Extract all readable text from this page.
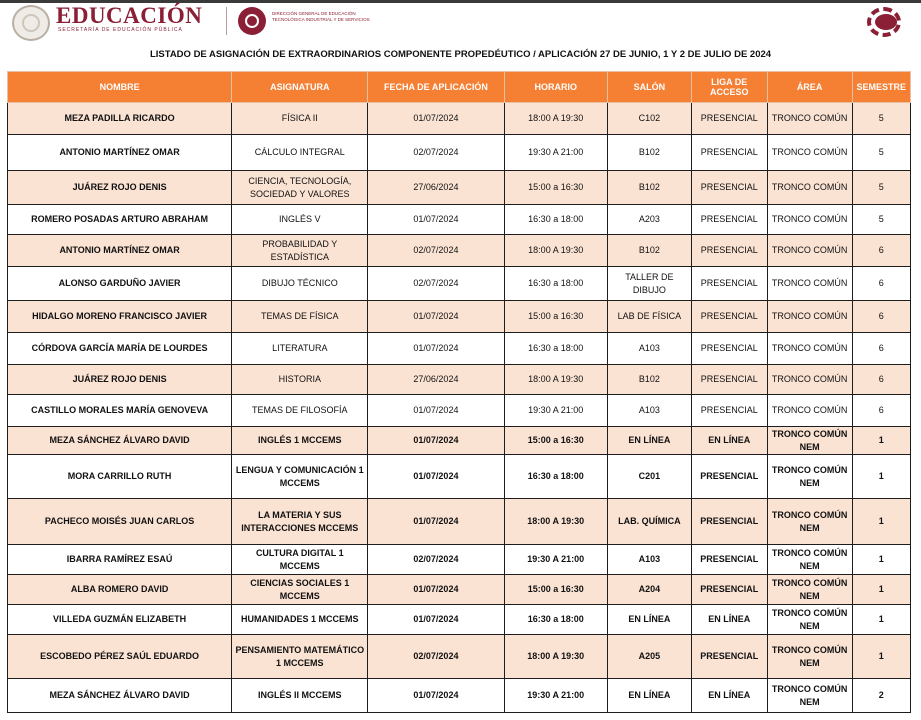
EDUCACIÓN
SECRETARÍA DE EDUCACIÓN PÚBLICA
DIRECCIÓN GENERAL DE EDUCACIÓN TECNOLÓGICA INDUSTRIAL Y DE SERVICIOS
LISTADO DE ASIGNACIÓN DE EXTRAORDINARIOS COMPONENTE PROPEDÉUTICO / APLICACIÓN 27 DE JUNIO, 1 Y 2 DE JULIO DE 2024
NOMBRE	ASIGNATURA	FECHA DE APLICACIÓN	HORARIO	SALÓN	LIGA DE ACCESO	ÁREA	SEMESTRE
MEZA PADILLA RICARDO	FÍSICA II	01/07/2024	18:00 A 19:30	C102	PRESENCIAL	TRONCO COMÚN	5
ANTONIO MARTÍNEZ OMAR	CÁLCULO INTEGRAL	02/07/2024	19:30 A 21:00	B102	PRESENCIAL	TRONCO COMÚN	5
JUÁREZ ROJO DENIS	CIENCIA, TECNOLOGÍA, SOCIEDAD Y VALORES	27/06/2024	15:00 a 16:30	B102	PRESENCIAL	TRONCO COMÚN	5
ROMERO POSADAS ARTURO ABRAHAM	INGLÉS V	01/07/2024	16:30 a 18:00	A203	PRESENCIAL	TRONCO COMÚN	5
ANTONIO MARTÍNEZ OMAR	PROBABILIDAD Y ESTADÍSTICA	02/07/2024	18:00 A 19:30	B102	PRESENCIAL	TRONCO COMÚN	6
ALONSO GARDUÑO JAVIER	DIBUJO TÉCNICO	02/07/2024	16:30 a 18:00	TALLER DE DIBUJO	PRESENCIAL	TRONCO COMÚN	6
HIDALGO MORENO FRANCISCO JAVIER	TEMAS DE FÍSICA	01/07/2024	15:00 a 16:30	LAB DE FÍSICA	PRESENCIAL	TRONCO COMÚN	6
CÓRDOVA GARCÍA MARÍA DE LOURDES	LITERATURA	01/07/2024	16:30 a 18:00	A103	PRESENCIAL	TRONCO COMÚN	6
JUÁREZ ROJO DENIS	HISTORIA	27/06/2024	18:00 A 19:30	B102	PRESENCIAL	TRONCO COMÚN	6
CASTILLO MORALES MARÍA GENOVEVA	TEMAS DE FILOSOFÍA	01/07/2024	19:30 A 21:00	A103	PRESENCIAL	TRONCO COMÚN	6
MEZA SÁNCHEZ ÁLVARO DAVID	INGLÉS 1 MCCEMS	01/07/2024	15:00 a 16:30	EN LÍNEA	EN LÍNEA	TRONCO COMÚN NEM	1
MORA CARRILLO RUTH	LENGUA Y COMUNICACIÓN 1 MCCEMS	01/07/2024	16:30 a 18:00	C201	PRESENCIAL	TRONCO COMÚN NEM	1
PACHECO MOISÉS JUAN CARLOS	LA MATERIA Y SUS INTERACCIONES MCCEMS	01/07/2024	18:00 A 19:30	LAB. QUÍMICA	PRESENCIAL	TRONCO COMÚN NEM	1
IBARRA RAMÍREZ ESAÚ	CULTURA DIGITAL 1 MCCEMS	02/07/2024	19:30 A 21:00	A103	PRESENCIAL	TRONCO COMÚN NEM	1
ALBA ROMERO DAVID	CIENCIAS SOCIALES 1 MCCEMS	01/07/2024	15:00 a 16:30	A204	PRESENCIAL	TRONCO COMÚN NEM	1
VILLEDA GUZMÁN ELIZABETH	HUMANIDADES 1 MCCEMS	01/07/2024	16:30 a 18:00	EN LÍNEA	EN LÍNEA	TRONCO COMÚN NEM	1
ESCOBEDO PÉREZ SAÚL EDUARDO	PENSAMIENTO MATEMÁTICO 1 MCCEMS	02/07/2024	18:00 A 19:30	A205	PRESENCIAL	TRONCO COMÚN NEM	1
MEZA SÁNCHEZ ÁLVARO DAVID	INGLÉS II MCCEMS	01/07/2024	19:30 A 21:00	EN LÍNEA	EN LÍNEA	TRONCO COMÚN NEM	2
